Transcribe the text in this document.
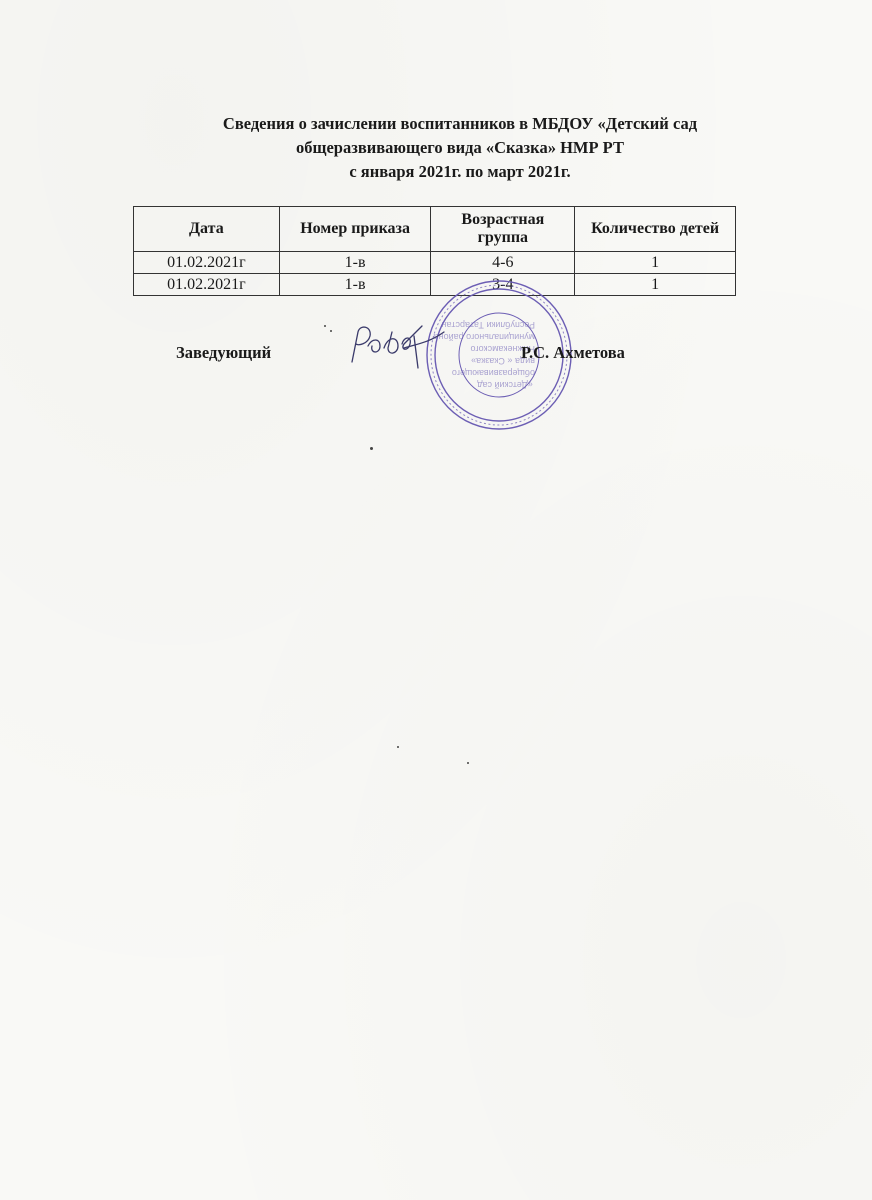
Сведения о зачислении воспитанников в МБДОУ «Детский сад
общеразвивающего вида «Сказка» НМР РТ
с января 2021г. по март 2021г.
Дата	Номер приказа	Возрастная группа	Количество детей
01.02.2021г	1-в	4-6	1
01.02.2021г	1-в	3-4	1
«Детский сад
общеразвивающего
вида « Сказка»
Нижнекамского
муниципального района
Республики Татарстан
Заведующий	Р.С. Ахметова
